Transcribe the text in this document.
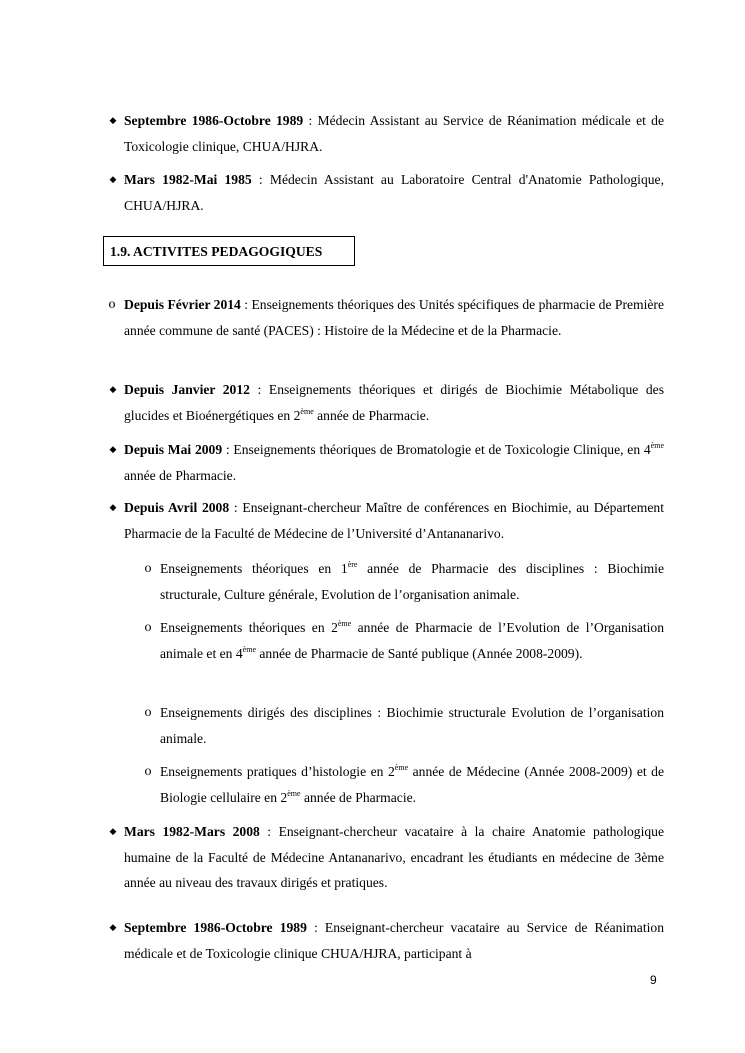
◆ Septembre 1986-Octobre 1989 : Médecin Assistant au Service de Réanimation médicale et de Toxicologie clinique, CHUA/HJRA.
◆ Mars 1982-Mai 1985 : Médecin Assistant au Laboratoire Central d'Anatomie Pathologique, CHUA/HJRA.
1.9. ACTIVITES PEDAGOGIQUES
o Depuis Février 2014 : Enseignements théoriques des Unités spécifiques de pharmacie de Première année commune de santé (PACES) : Histoire de la Médecine et de la Pharmacie.
◆ Depuis Janvier 2012 : Enseignements théoriques et dirigés de Biochimie Métabolique des glucides et Bioénergétiques en 2ème année de Pharmacie.
◆ Depuis Mai 2009 : Enseignements théoriques de Bromatologie et de Toxicologie Clinique, en 4ème année de Pharmacie.
◆ Depuis Avril 2008 : Enseignant-chercheur Maître de conférences en Biochimie, au Département Pharmacie de la Faculté de Médecine de l’Université d’Antananarivo.
o Enseignements théoriques en 1ère année de Pharmacie des disciplines : Biochimie structurale, Culture générale, Evolution de l’organisation animale.
o Enseignements théoriques en 2ème année de Pharmacie de l’Evolution de l’Organisation animale et en 4ème année de Pharmacie de Santé publique (Année 2008-2009).
o Enseignements dirigés des disciplines : Biochimie structurale Evolution de l’organisation animale.
o Enseignements pratiques d’histologie en 2ème année de Médecine (Année 2008-2009) et de Biologie cellulaire en 2ème année de Pharmacie.
◆ Mars 1982-Mars 2008 : Enseignant-chercheur vacataire à la chaire Anatomie pathologique humaine de la Faculté de Médecine Antananarivo, encadrant les étudiants en médecine de 3ème année au niveau des travaux dirigés et pratiques.
◆ Septembre 1986-Octobre 1989 : Enseignant-chercheur vacataire au Service de Réanimation médicale et de Toxicologie clinique CHUA/HJRA, participant à
9
